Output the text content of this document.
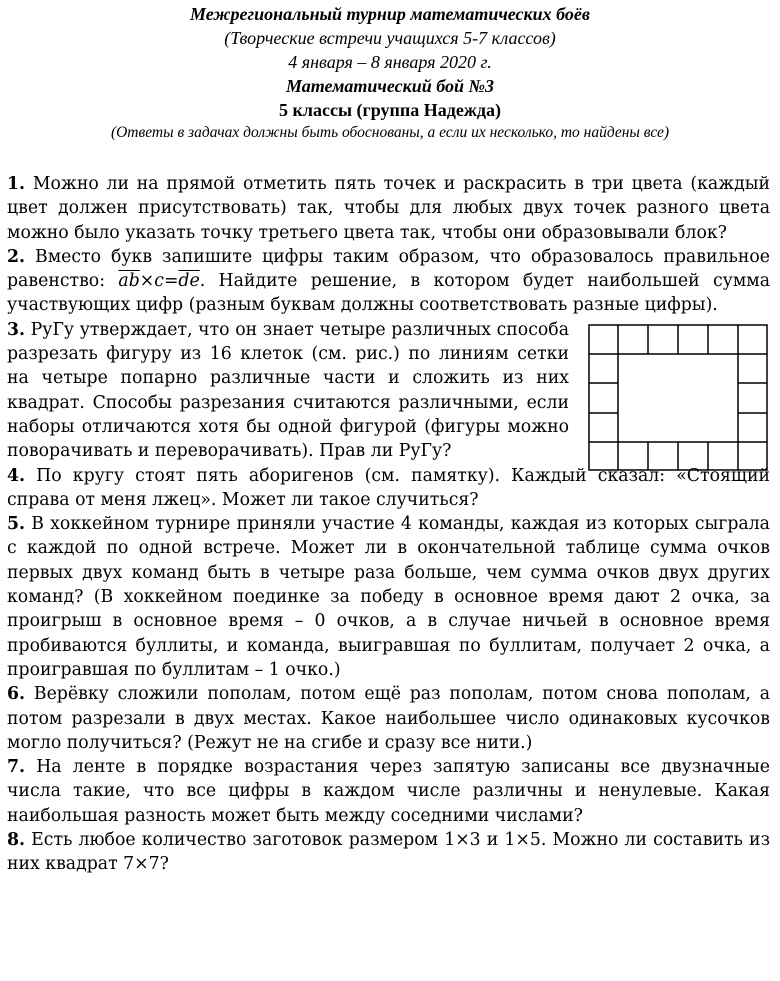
Межрегиональный турнир математических боёв
(Творческие встречи учащихся 5-7 классов)
4 января – 8 января 2020 г.
Математический бой №3
5 классы (группа Надежда)
(Ответы в задачах должны быть обоснованы, а если их несколько, то найдены все)

1. Можно ли на прямой отметить пять точек и раскрасить в три цвета (каждый цвет должен присутствовать) так, чтобы для любых двух точек разного цвета можно было указать точку третьего цвета так, чтобы они образовывали блок?

2. Вместо букв запишите цифры таким образом, что образовалось правильное равенство: $\overline{ab}\times c=\overline{de}$. Найдите решение, в котором будет наибольшей сумма участвующих цифр (разным буквам должны соответствовать разные цифры).

3. РуГу утверждает, что он знает четыре различных способа разрезать фигуру из 16 клеток (см. рис.) по линиям сетки на четыре попарно различные части и сложить из них квадрат. Способы разрезания считаются различными, если наборы отличаются хотя бы одной фигурой (фигуры можно поворачивать и переворачивать). Прав ли РуГу?

4. По кругу стоят пять аборигенов (см. памятку). Каждый сказал: «Стоящий справа от меня лжец». Может ли такое случиться?

5. В хоккейном турнире приняли участие 4 команды, каждая из которых сыграла с каждой по одной встрече. Может ли в окончательной таблице сумма очков первых двух команд быть в четыре раза больше, чем сумма очков двух других команд? (В хоккейном поединке за победу в основное время дают 2 очка, за проигрыш в основное время – 0 очков, а в случае ничьей в основное время пробиваются буллиты, и команда, выигравшая по буллитам, получает 2 очка, а проигравшая по буллитам – 1 очко.)

6. Верёвку сложили пополам, потом ещё раз пополам, потом снова пополам, а потом разрезали в двух местах. Какое наибольшее число одинаковых кусочков могло получиться? (Режут не на сгибе и сразу все нити.)

7. На ленте в порядке возрастания через запятую записаны все двузначные числа такие, что все цифры в каждом числе различны и ненулевые. Какая наибольшая разность может быть между соседними числами?

8. Есть любое количество заготовок размером 1×3 и 1×5. Можно ли составить из них квадрат 7×7?
